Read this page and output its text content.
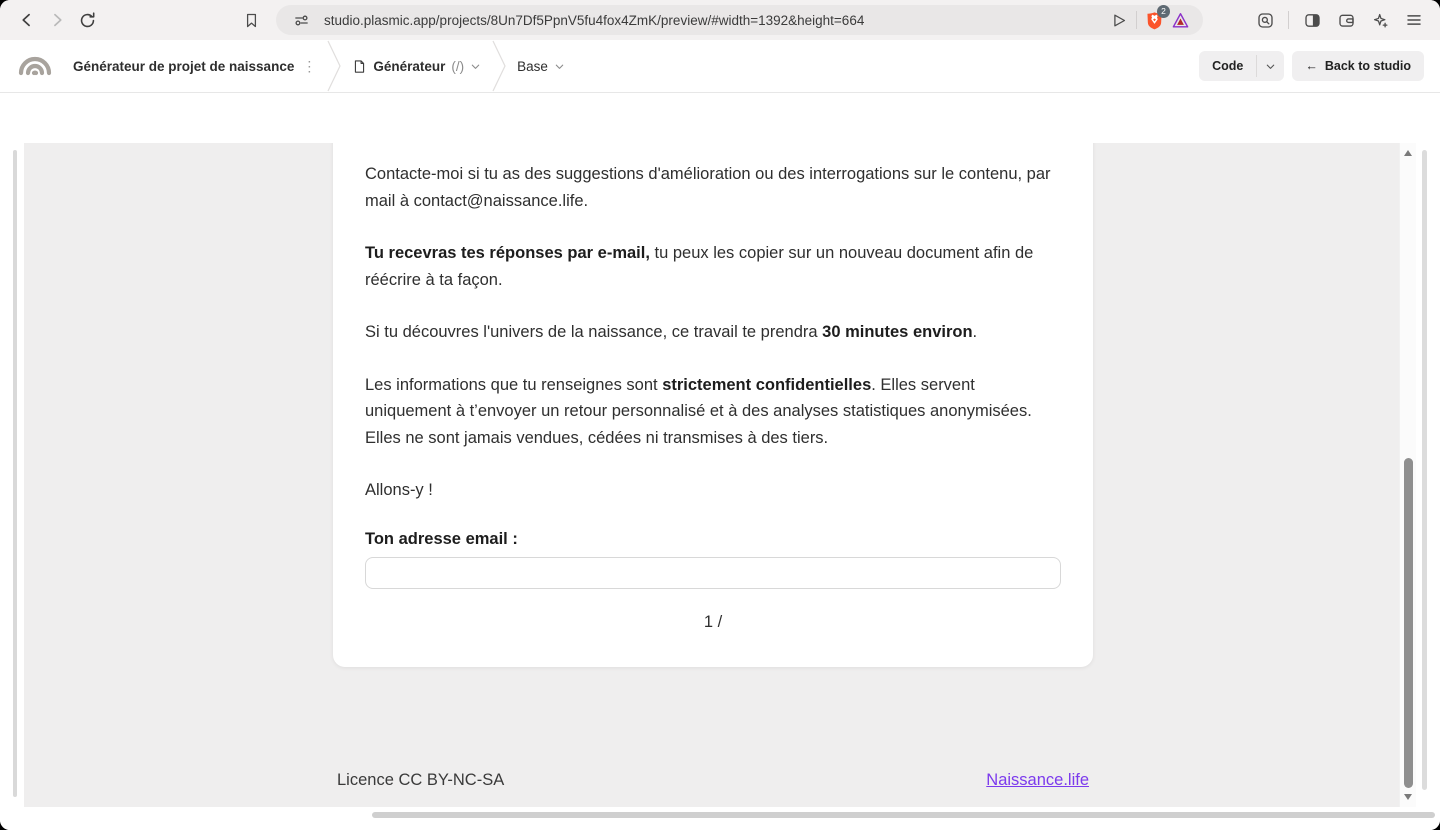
studio.plasmic.app/projects/8Un7Df5PpnV5fu4fox4ZmK/preview/#width=1392&height=664
2
Générateur de projet de naissance ⋮	Générateur (/)	Base	Code	← Back to studio

Contacte-moi si tu as des suggestions d'amélioration ou des interrogations sur le contenu, par mail à contact@naissance.life.

Tu recevras tes réponses par e-mail, tu peux les copier sur un nouveau document afin de réécrire à ta façon.

Si tu découvres l'univers de la naissance, ce travail te prendra 30 minutes environ.

Les informations que tu renseignes sont strictement confidentielles. Elles servent uniquement à t’envoyer un retour personnalisé et à des analyses statistiques anonymisées. Elles ne sont jamais vendues, cédées ni transmises à des tiers.

Allons-y !

Ton adresse email :
1 /
Licence CC BY-NC-SA	Naissance.life
